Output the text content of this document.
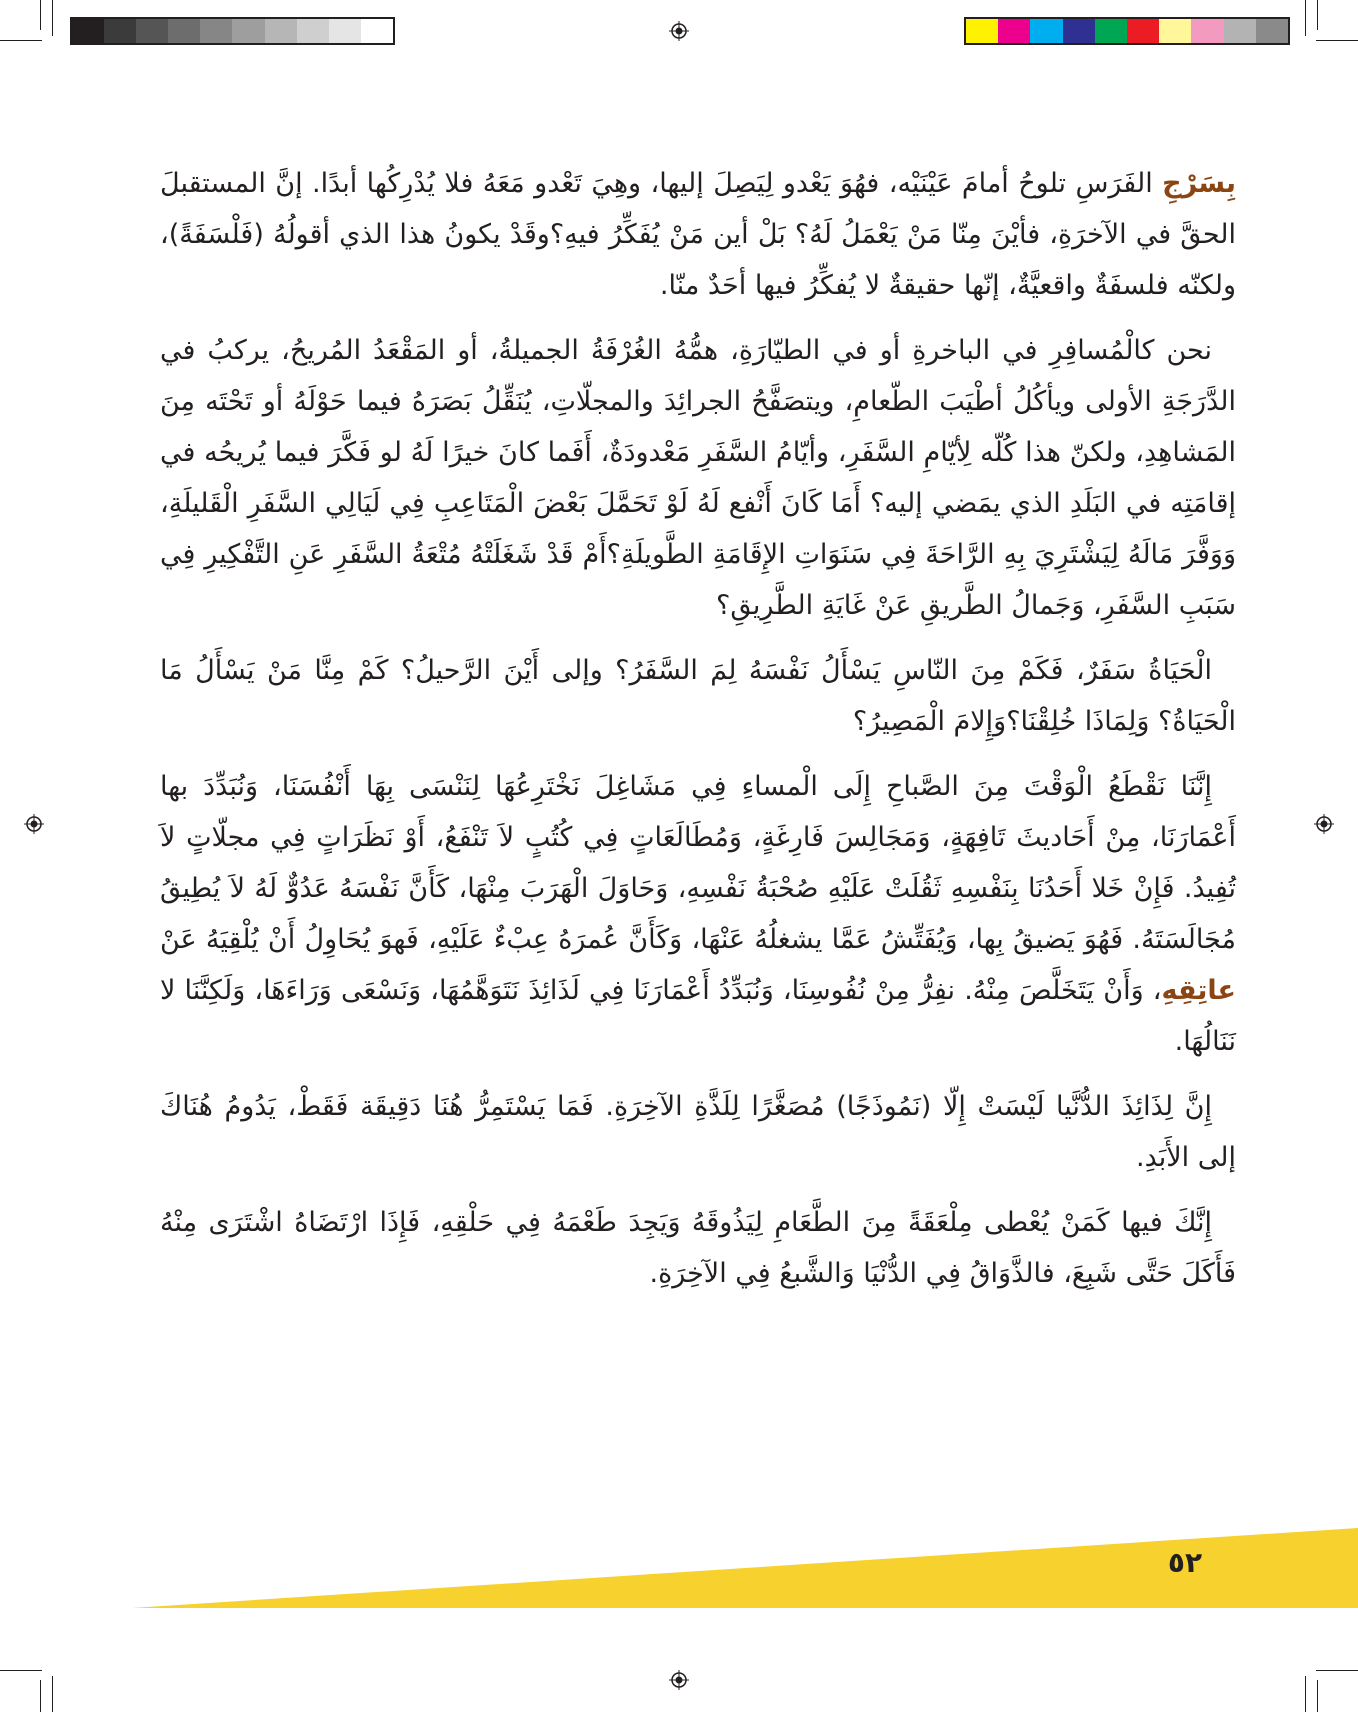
بِسَرْجِ الفَرَسِ تلوحُ أمامَ عَيْنَيْه، فهُوَ يَعْدو لِيَصِلَ إليها، وهِيَ تَعْدو مَعَهُ فلا يُدْرِكُها أبدًا. إنَّ المستقبلَ الحقَّ في الآخرَةِ، فأيْنَ مِنّا مَنْ يَعْمَلُ لَهُ؟ بَلْ أين مَنْ يُفَكِّرُ فيهِ؟وقَدْ يكونُ هذا الذي أقولُهُ (فَلْسَفَةً)، ولكنّه فلسفَةٌ واقعيَّةٌ، إنّها حقيقةٌ لا يُفكِّرُ فيها أحَدٌ منّا.

نحن كالْمُسافِرِ في الباخرةِ أو في الطيّارَةِ، همُّهُ الغُرْفَةُ الجميلةُ، أو المَقْعَدُ المُريحُ، يركبُ في الدَّرَجَةِ الأولى ويأكُلُ أطْيَبَ الطّعامِ، ويتصَفَّحُ الجرائِدَ والمجلّاتِ، يُنَقِّلُ بَصَرَهُ فيما حَوْلَهُ أو تَحْتَه مِنَ المَشاهِدِ، ولكنّ هذا كُلّه لِأيّامِ السَّفَرِ، وأيّامُ السَّفَرِ مَعْدودَةٌ، أَفَما كانَ خيرًا لَهُ لو فَكَّرَ فيما يُريحُه في إقامَتِه في البَلَدِ الذي يمَضي إليه؟ أَمَا كَانَ أَنْفع لَهُ لَوْ تَحَمَّلَ بَعْضَ الْمَتَاعِبِ فِي لَيَالِي السَّفَرِ الْقَليلَةِ، وَوَفَّرَ مَالَهُ لِيَشْتَرِيَ بِهِ الرَّاحَةَ فِي سَنَوَاتِ الإِقَامَةِ الطَّويلَةِ؟أَمْ قَدْ شَغَلَتْهُ مُتْعَةُ السَّفَرِ عَنِ التَّفْكِيرِ فِي سَبَبِ السَّفَرِ، وَجَمالُ الطَّريقِ عَنْ غَايَةِ الطَّرِيقِ؟

الْحَيَاةُ سَفَرٌ، فَكَمْ مِنَ النّاسِ يَسْأَلُ نَفْسَهُ لِمَ السَّفَرُ؟ وإلى أَيْنَ الرَّحيلُ؟ كَمْ مِنَّا مَنْ يَسْأَلُ مَا الْحَيَاةُ؟ وَلِمَاذَا خُلِقْنَا؟وَإِلامَ الْمَصِيرُ؟

إِنَّنَا نَقْطَعُ الْوَقْتَ مِنَ الصَّباحِ إِلَى الْمساءِ فِي مَشَاغِلَ نَخْتَرِعُهَا لِنَنْسَى بِهَا أَنْفُسَنَا، وَنُبَدِّدَ بها أَعْمَارَنَا، مِنْ أَحَاديثَ تَافِهَةٍ، وَمَجَالِسَ فَارِغَةٍ، وَمُطَالَعَاتٍ فِي كُتُبٍ لاَ تَنْفَعُ، أَوْ نَظَرَاتٍ فِي مجلّاتٍ لاَ تُفِيدُ. فَإِنْ خَلا أَحَدُنَا بِنَفْسِهِ ثَقُلَتْ عَلَيْهِ صُحْبَةُ نَفْسِهِ، وَحَاوَلَ الْهَرَبَ مِنْهَا، كَأَنَّ نَفْسَهُ عَدُوٌّ لَهُ لاَ يُطِيقُ مُجَالَسَتَهُ. فَهُوَ يَضيقُ بِها، وَيُفَتِّشُ عَمَّا يشغلُهُ عَنْهَا، وَكَأَنَّ عُمرَهُ عِبْءٌ عَلَيْهِ، فَهوَ يُحَاوِلُ أَنْ يُلْقِيَهُ عَنْ عاتِقِهِ، وَأَنْ يَتَخَلَّصَ مِنْهُ. نفِرُّ مِنْ نُفُوسِنَا، وَنُبَدِّدُ أَعْمَارَنَا فِي لَذَائِذَ نَتَوَهَّمُهَا، وَنَسْعَى وَرَاءَهَا، وَلَكِنَّنَا لا نَنَالُهَا.

إِنَّ لِذَائِذَ الدُّنَّيا لَيْسَتْ إِلّا (نَمُوذَجًا) مُصَغَّرًا لِلَذَّةِ الآخِرَةِ. فَمَا يَسْتَمِرُّ هُنَا دَقِيقَة فَقَطْ، يَدُومُ هُنَاكَ إلى الأَبَدِ.

إِنَّكَ فيها كَمَنْ يُعْطى مِلْعَقَةً مِنَ الطَّعَامِ لِيَذُوقَهُ وَيَجِدَ طَعْمَهُ فِي حَلْقِهِ، فَإِذَا ارْتَضَاهُ اشْتَرَى مِنْهُ فَأَكَلَ حَتَّى شَبِعَ، فالذَّوَاقُ فِي الدُّنْيَا وَالشَّبعُ فِي الآخِرَةِ.

٥٢
